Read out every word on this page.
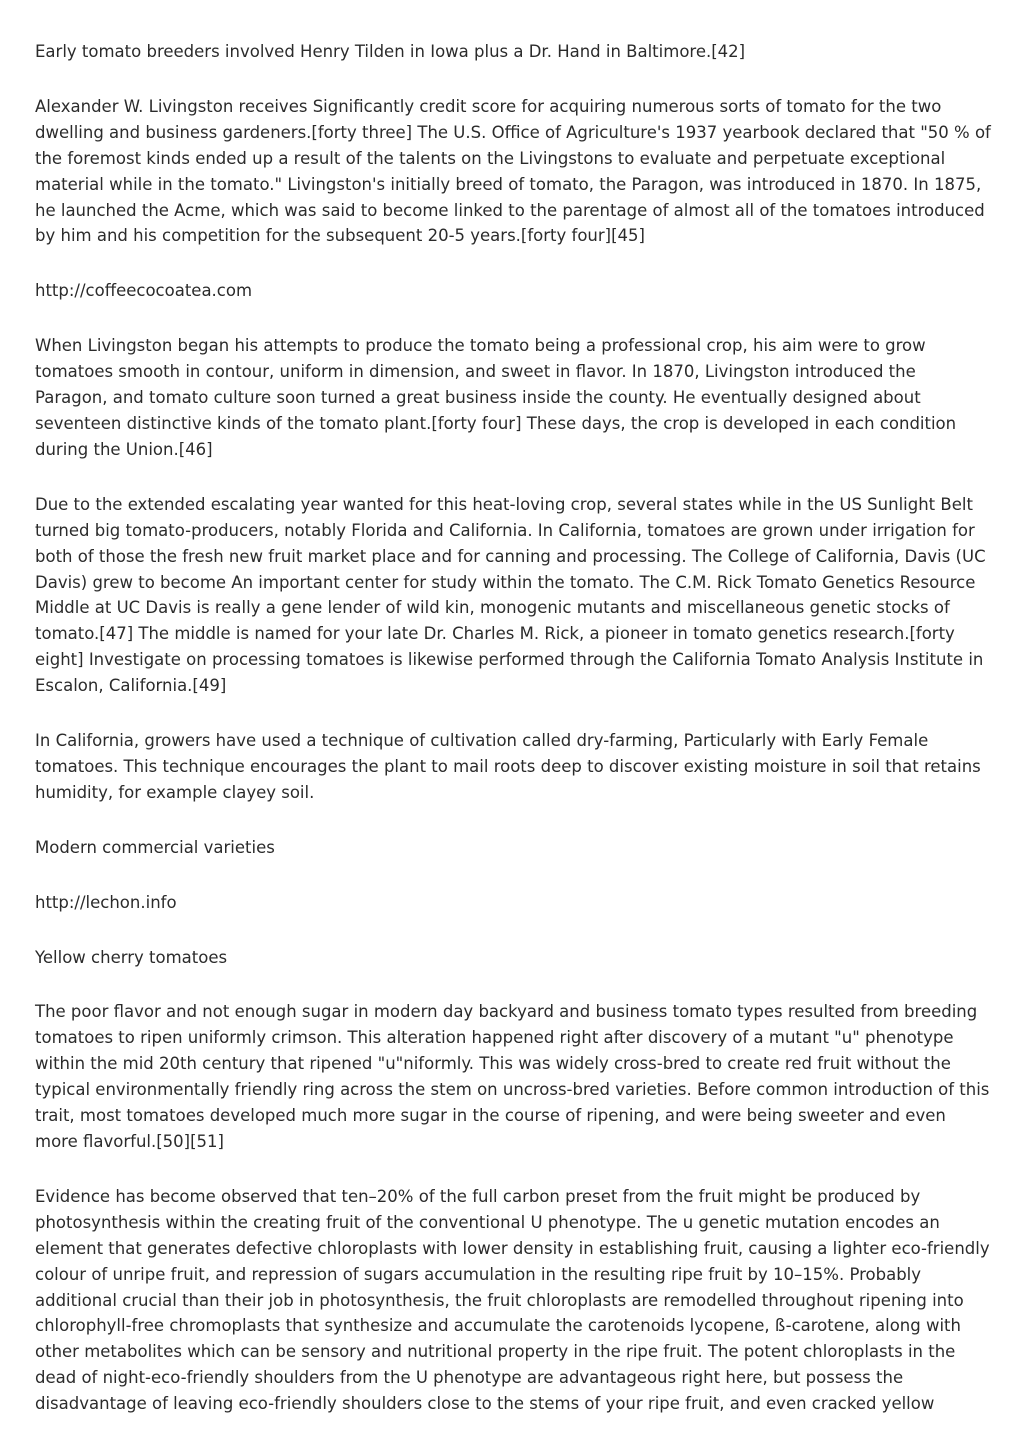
Early tomato breeders involved Henry Tilden in Iowa plus a Dr. Hand in Baltimore.[42]

Alexander W. Livingston receives Significantly credit score for acquiring numerous sorts of tomato for the two dwelling and business gardeners.[forty three] The U.S. Office of Agriculture's 1937 yearbook declared that "50 % of the foremost kinds ended up a result of the talents on the Livingstons to evaluate and perpetuate exceptional material while in the tomato." Livingston's initially breed of tomato, the Paragon, was introduced in 1870. In 1875, he launched the Acme, which was said to become linked to the parentage of almost all of the tomatoes introduced by him and his competition for the subsequent 20-5 years.[forty four][45]

http://coffeecocoatea.com

When Livingston began his attempts to produce the tomato being a professional crop, his aim were to grow tomatoes smooth in contour, uniform in dimension, and sweet in flavor. In 1870, Livingston introduced the Paragon, and tomato culture soon turned a great business inside the county. He eventually designed about seventeen distinctive kinds of the tomato plant.[forty four] These days, the crop is developed in each condition during the Union.[46]

Due to the extended escalating year wanted for this heat-loving crop, several states while in the US Sunlight Belt turned big tomato-producers, notably Florida and California. In California, tomatoes are grown under irrigation for both of those the fresh new fruit market place and for canning and processing. The College of California, Davis (UC Davis) grew to become An important center for study within the tomato. The C.M. Rick Tomato Genetics Resource Middle at UC Davis is really a gene lender of wild kin, monogenic mutants and miscellaneous genetic stocks of tomato.[47] The middle is named for your late Dr. Charles M. Rick, a pioneer in tomato genetics research.[forty eight] Investigate on processing tomatoes is likewise performed through the California Tomato Analysis Institute in Escalon, California.[49]

In California, growers have used a technique of cultivation called dry-farming, Particularly with Early Female tomatoes. This technique encourages the plant to mail roots deep to discover existing moisture in soil that retains humidity, for example clayey soil.

Modern commercial varieties

http://lechon.info

Yellow cherry tomatoes

The poor flavor and not enough sugar in modern day backyard and business tomato types resulted from breeding tomatoes to ripen uniformly crimson. This alteration happened right after discovery of a mutant "u" phenotype within the mid 20th century that ripened "u"niformly. This was widely cross-bred to create red fruit without the typical environmentally friendly ring across the stem on uncross-bred varieties. Before common introduction of this trait, most tomatoes developed much more sugar in the course of ripening, and were being sweeter and even more flavorful.[50][51]

Evidence has become observed that ten–20% of the full carbon preset from the fruit might be produced by photosynthesis within the creating fruit of the conventional U phenotype. The u genetic mutation encodes an element that generates defective chloroplasts with lower density in establishing fruit, causing a lighter eco-friendly colour of unripe fruit, and repression of sugars accumulation in the resulting ripe fruit by 10–15%. Probably additional crucial than their job in photosynthesis, the fruit chloroplasts are remodelled throughout ripening into chlorophyll-free chromoplasts that synthesize and accumulate the carotenoids lycopene, ß-carotene, along with other metabolites which can be sensory and nutritional property in the ripe fruit. The potent chloroplasts in the dead of night-eco-friendly shoulders from the U phenotype are advantageous right here, but possess the disadvantage of leaving eco-friendly shoulders close to the stems of your ripe fruit, and even cracked yellow
